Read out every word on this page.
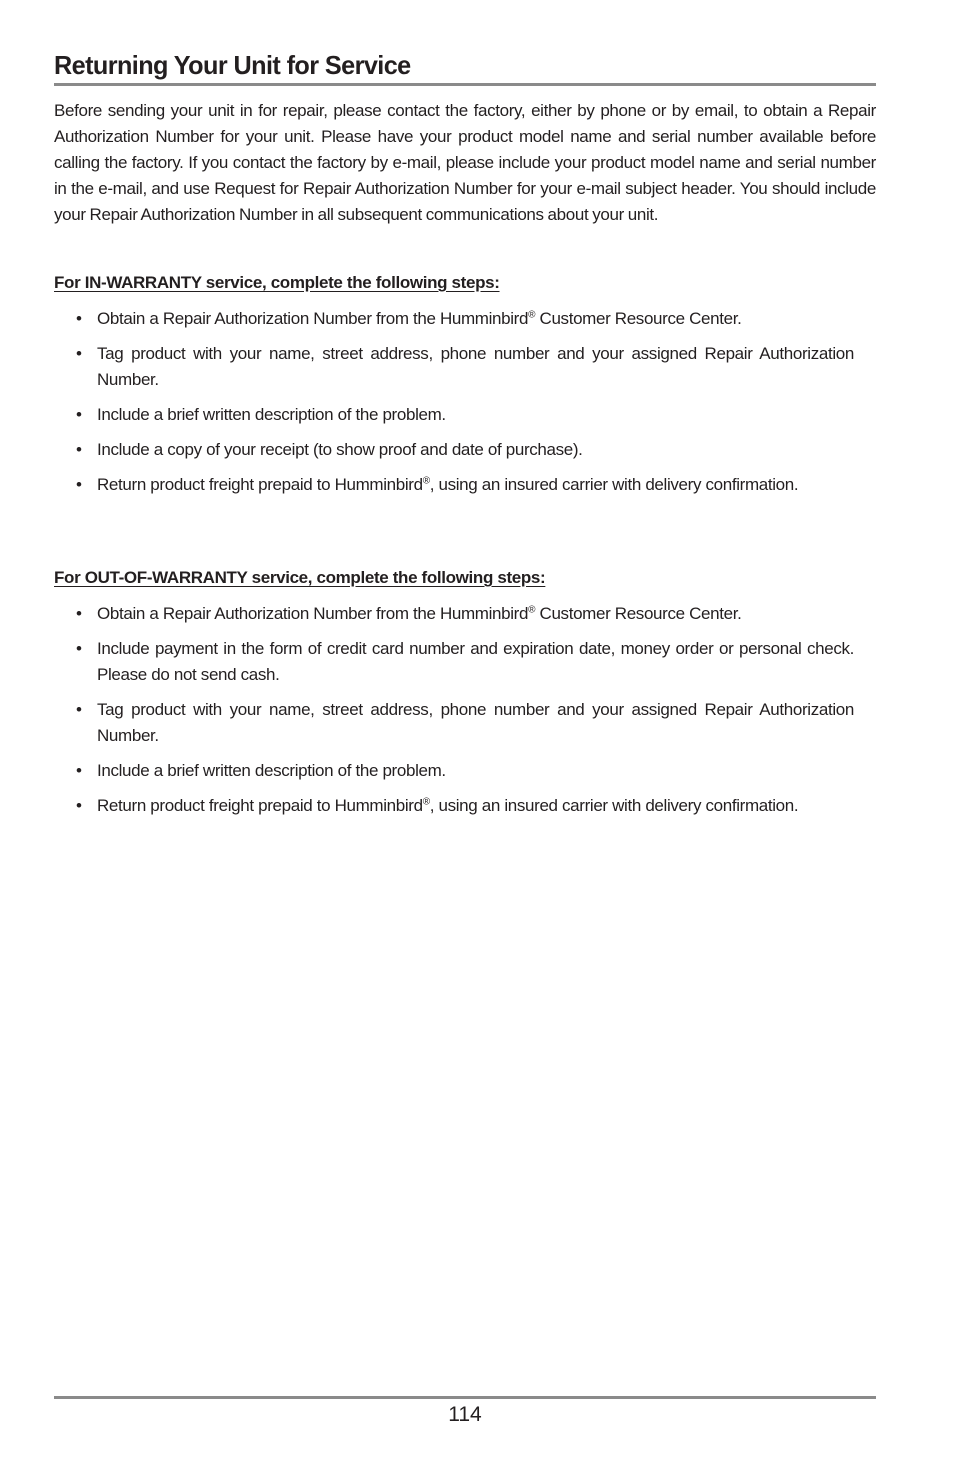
Returning Your Unit for Service

Before sending your unit in for repair, please contact the factory, either by phone or by email, to obtain a Repair Authorization Number for your unit. Please have your product model name and serial number available before calling the factory. If you contact the factory by e-mail, please include your product model name and serial number in the e-mail, and use Request for Repair Authorization Number for your e-mail subject header. You should include your Repair Authorization Number in all subsequent communications about your unit.

For IN-WARRANTY service, complete the following steps:
• Obtain a Repair Authorization Number from the Humminbird® Customer Resource Center.
• Tag product with your name, street address, phone number and your assigned Repair Authorization Number.
• Include a brief written description of the problem.
• Include a copy of your receipt (to show proof and date of purchase).
• Return product freight prepaid to Humminbird®, using an insured carrier with delivery confirmation.
For OUT-OF-WARRANTY service, complete the following steps:
• Obtain a Repair Authorization Number from the Humminbird® Customer Resource Center.
• Include payment in the form of credit card number and expiration date, money order or personal check. Please do not send cash.
• Tag product with your name, street address, phone number and your assigned Repair Authorization Number.
• Include a brief written description of the problem.
• Return product freight prepaid to Humminbird®, using an insured carrier with delivery confirmation.
114
